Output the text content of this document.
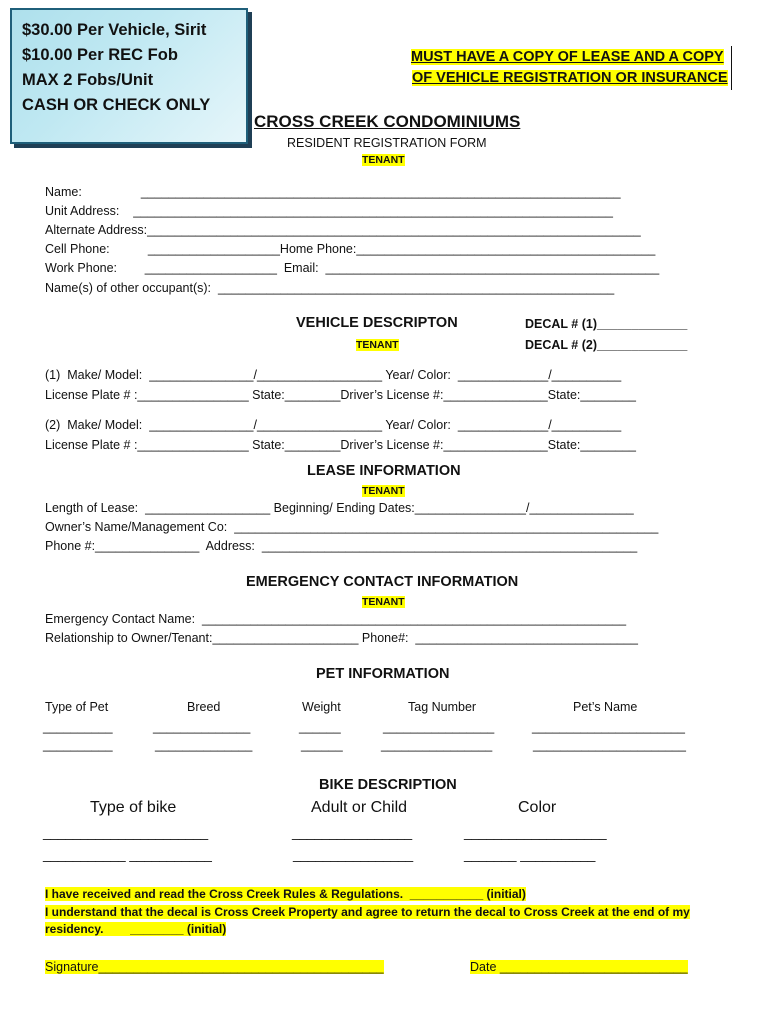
$30.00 Per Vehicle, Sirit
$10.00 Per REC Fob
MAX 2 Fobs/Unit
CASH OR CHECK ONLY
MUST HAVE A COPY OF LEASE AND A COPY
OF VEHICLE REGISTRATION OR INSURANCE
CROSS CREEK CONDOMINIUMS
RESIDENT REGISTRATION FORM
TENANT
Name:                 _____________________________________________________________________
Unit Address:    _____________________________________________________________________
Alternate Address:_______________________________________________________________________
Cell Phone:           ___________________Home Phone:___________________________________________
Work Phone:        ___________________  Email:  ________________________________________________
Name(s) of other occupant(s):  _________________________________________________________
VEHICLE DESCRIPTON
TENANT
DECAL # (1)_____________
DECAL # (2)_____________
(1)  Make/ Model:  _______________/__________________ Year/ Color:  _____________/__________
License Plate # :________________ State:________Driver’s License #:_______________State:________
(2)  Make/ Model:  _______________/__________________ Year/ Color:  _____________/__________
License Plate # :________________ State:________Driver’s License #:_______________State:________
LEASE INFORMATION
TENANT
Length of Lease:  __________________ Beginning/ Ending Dates:________________/_______________
Owner’s Name/Management Co:  _____________________________________________________________
Phone #:_______________  Address:  ______________________________________________________
EMERGENCY CONTACT INFORMATION
TENANT
Emergency Contact Name:  _____________________________________________________________
Relationship to Owner/Tenant:_____________________ Phone#:  ________________________________
PET INFORMATION
Type of Pet	Breed	Weight	Tag Number	Pet’s Name
__________	______________	______	________________	______________________
__________	______________	______	________________	______________________
BIKE DESCRIPTION
Type of bike	Adult or Child	Color
______________________	________________	___________________
___________ ___________	________________	_______ __________
I have received and read the Cross Creek Rules & Regulations.  ___________ (initial)
I understand that the decal is Cross Creek Property and agree to return the decal to Cross Creek at the end of my
residency.        ________ (initial)
Signature_________________________________________	Date ___________________________
